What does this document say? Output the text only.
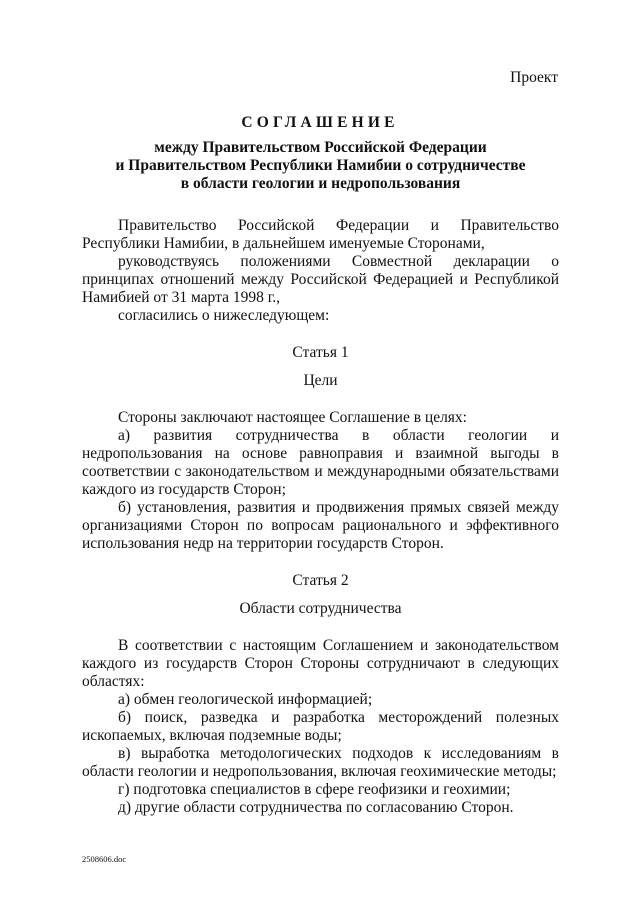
Проект
СОГЛАШЕНИЕ
между Правительством Российской Федерации
и Правительством Республики Намибии о сотрудничестве
в области геологии и недропользования

Правительство Российской Федерации и Правительство Республики Намибии, в дальнейшем именуемые Сторонами,

руководствуясь положениями Совместной декларации о принципах отношений между Российской Федерацией и Республикой Намибией от 31 марта 1998 г.,

согласились о нижеследующем:

Статья 1

Цели

Стороны заключают настоящее Соглашение в целях:

а) развития сотрудничества в области геологии и недропользования на основе равноправия и взаимной выгоды в соответствии с законодательством и международными обязательствами каждого из государств Сторон;

б) установления, развития и продвижения прямых связей между организациями Сторон по вопросам рационального и эффективного использования недр на территории государств Сторон.

Статья 2

Области сотрудничества

В соответствии с настоящим Соглашением и законодательством каждого из государств Сторон Стороны сотрудничают в следующих областях:

а) обмен геологической информацией;

б) поиск, разведка и разработка месторождений полезных ископаемых, включая подземные воды;

в) выработка методологических подходов к исследованиям в области геологии и недропользования, включая геохимические методы;

г) подготовка специалистов в сфере геофизики и геохимии;

д) другие области сотрудничества по согласованию Сторон.

2508606.doc
